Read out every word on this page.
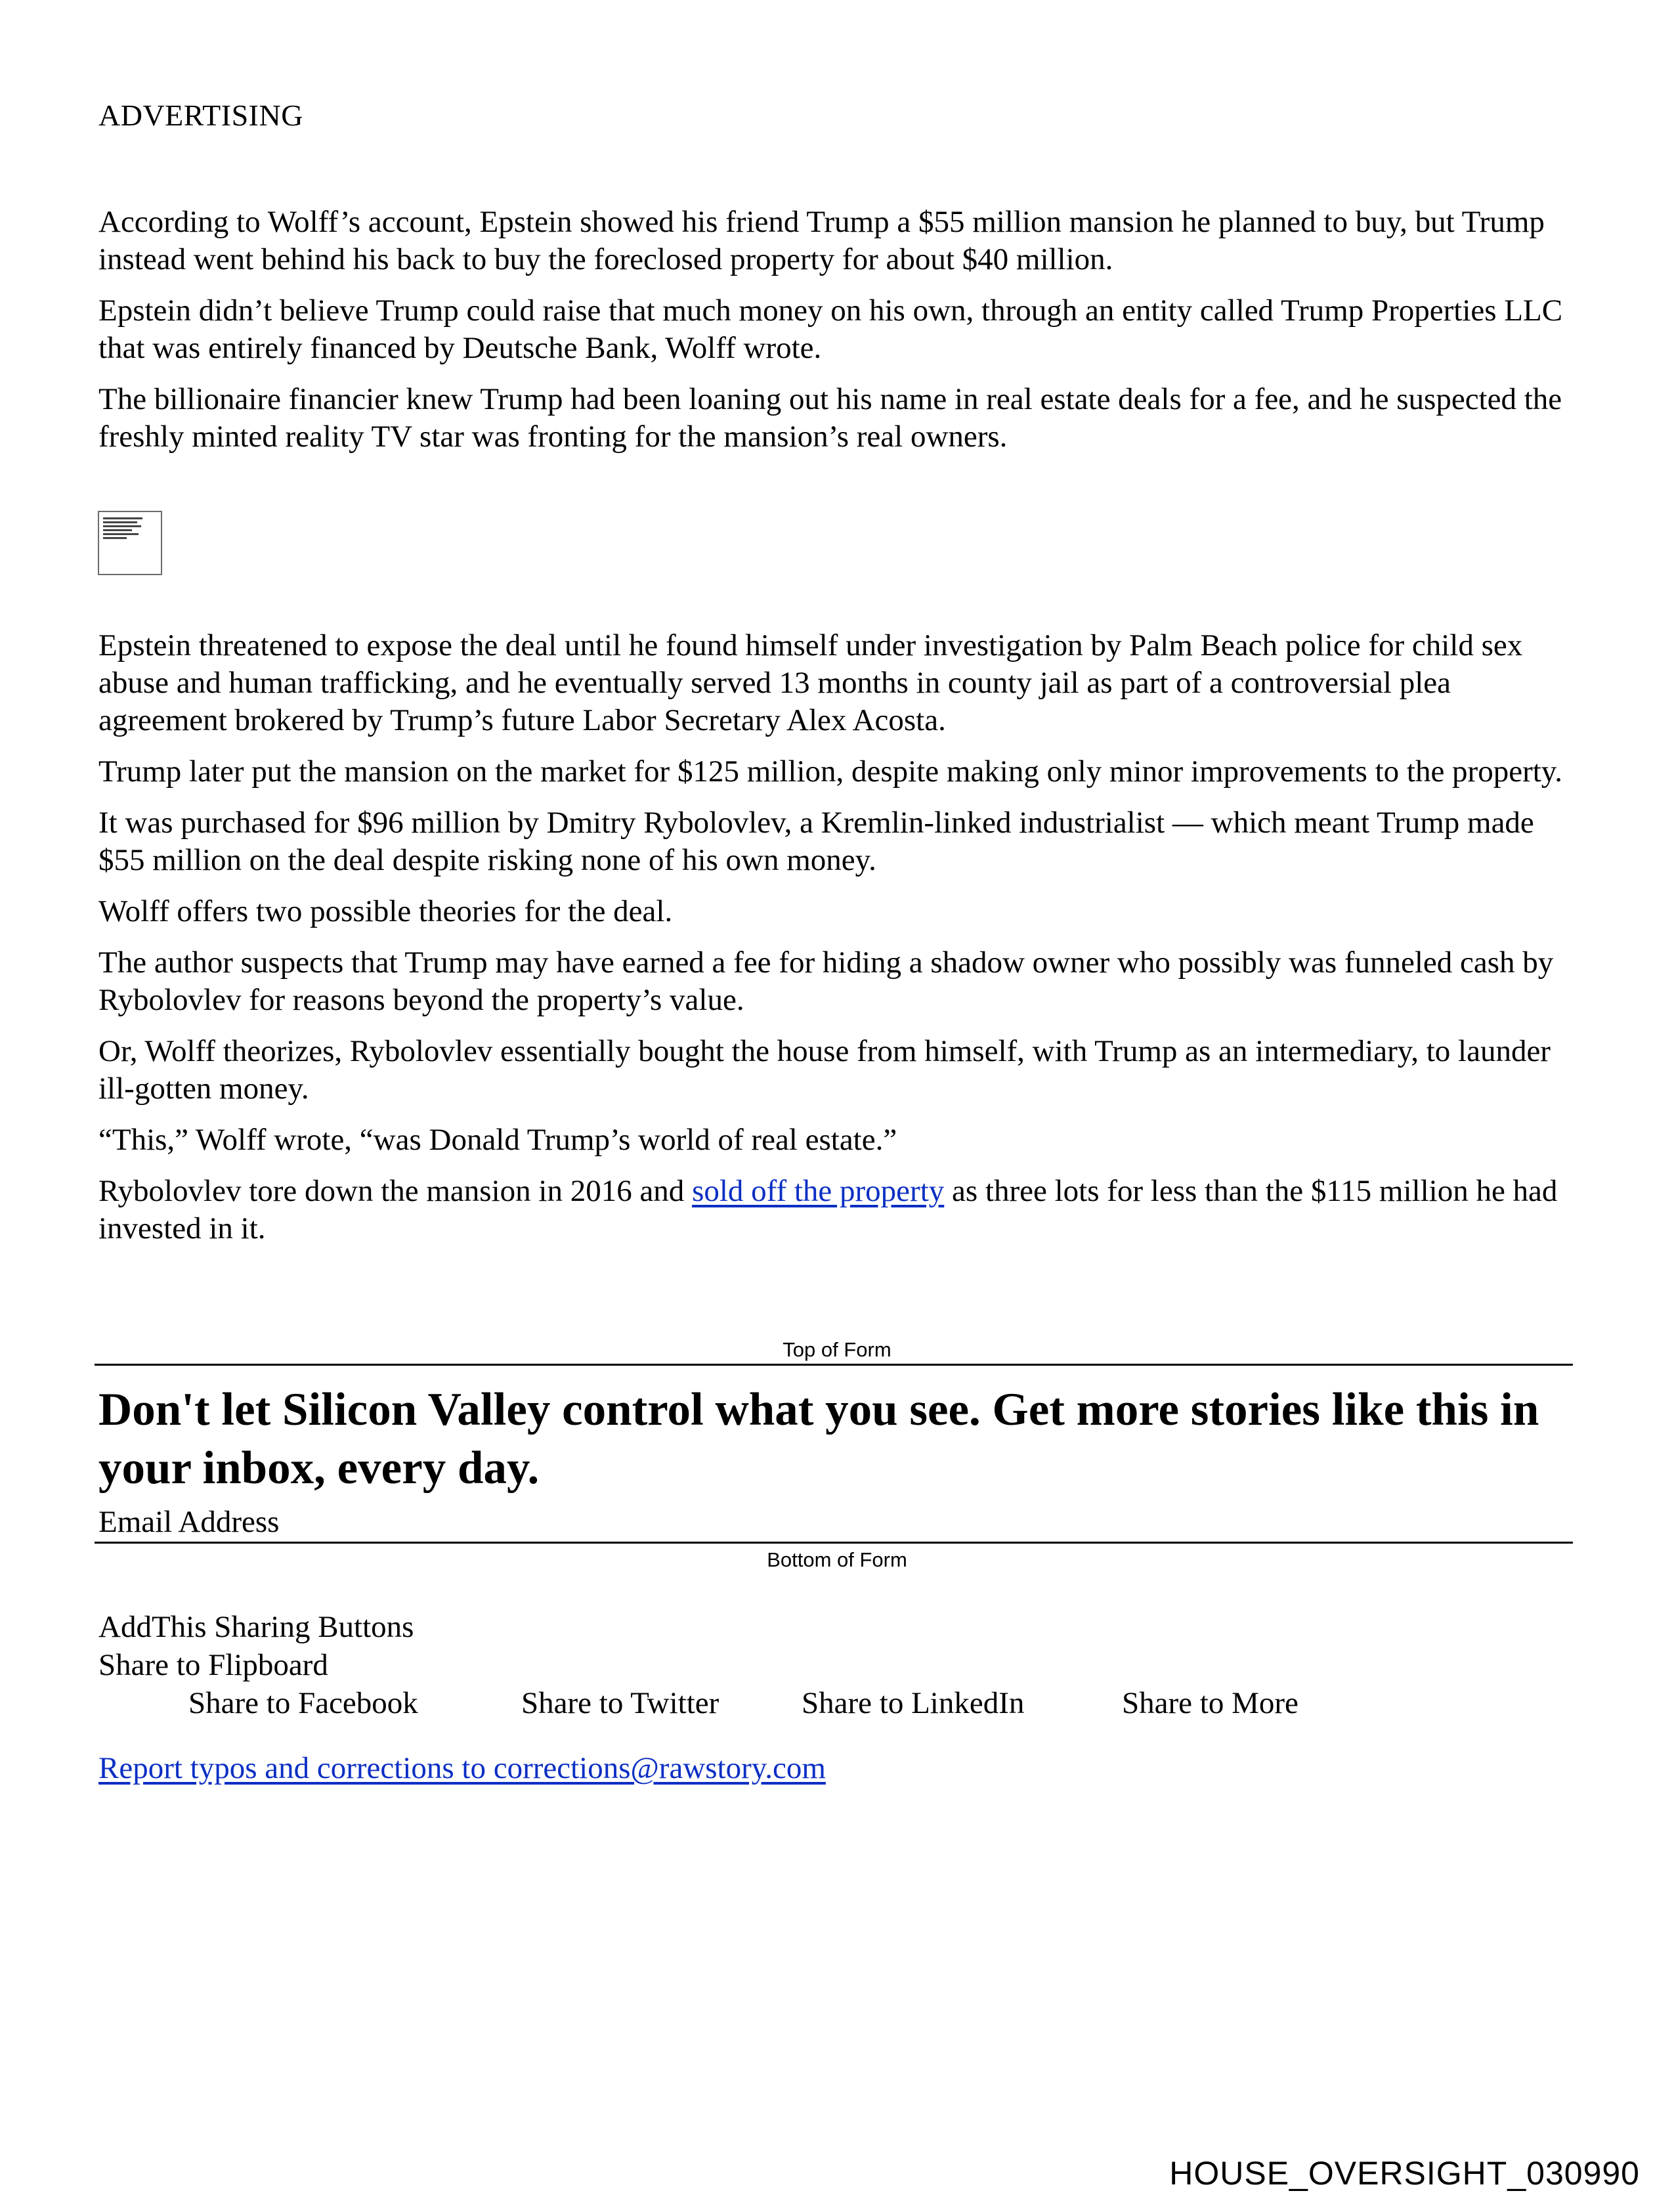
ADVERTISING

According to Wolff’s account, Epstein showed his friend Trump a $55 million mansion he planned to buy, but Trump instead went behind his back to buy the foreclosed property for about $40 million.

Epstein didn’t believe Trump could raise that much money on his own, through an entity called Trump Properties LLC that was entirely financed by Deutsche Bank, Wolff wrote.

The billionaire financier knew Trump had been loaning out his name in real estate deals for a fee, and he suspected the freshly minted reality TV star was fronting for the mansion’s real owners.

Epstein threatened to expose the deal until he found himself under investigation by Palm Beach police for child sex abuse and human trafficking, and he eventually served 13 months in county jail as part of a controversial plea agreement brokered by Trump’s future Labor Secretary Alex Acosta.

Trump later put the mansion on the market for $125 million, despite making only minor improvements to the property.

It was purchased for $96 million by Dmitry Rybolovlev, a Kremlin-linked industrialist — which meant Trump made $55 million on the deal despite risking none of his own money.

Wolff offers two possible theories for the deal.

The author suspects that Trump may have earned a fee for hiding a shadow owner who possibly was funneled cash by Rybolovlev for reasons beyond the property’s value.

Or, Wolff theorizes, Rybolovlev essentially bought the house from himself, with Trump as an intermediary, to launder ill-gotten money.

“This,” Wolff wrote, “was Donald Trump’s world of real estate.”

Rybolovlev tore down the mansion in 2016 and sold off the property as three lots for less than the $115 million he had invested in it.

Top of Form
Don't let Silicon Valley control what you see. Get more stories like this in your inbox, every day.
Email Address
Bottom of Form
AddThis Sharing Buttons
Share to Flipboard
Share to Facebook	Share to Twitter	Share to LinkedIn	Share to More
Report typos and corrections to corrections@rawstory.com
HOUSE_OVERSIGHT_030990
